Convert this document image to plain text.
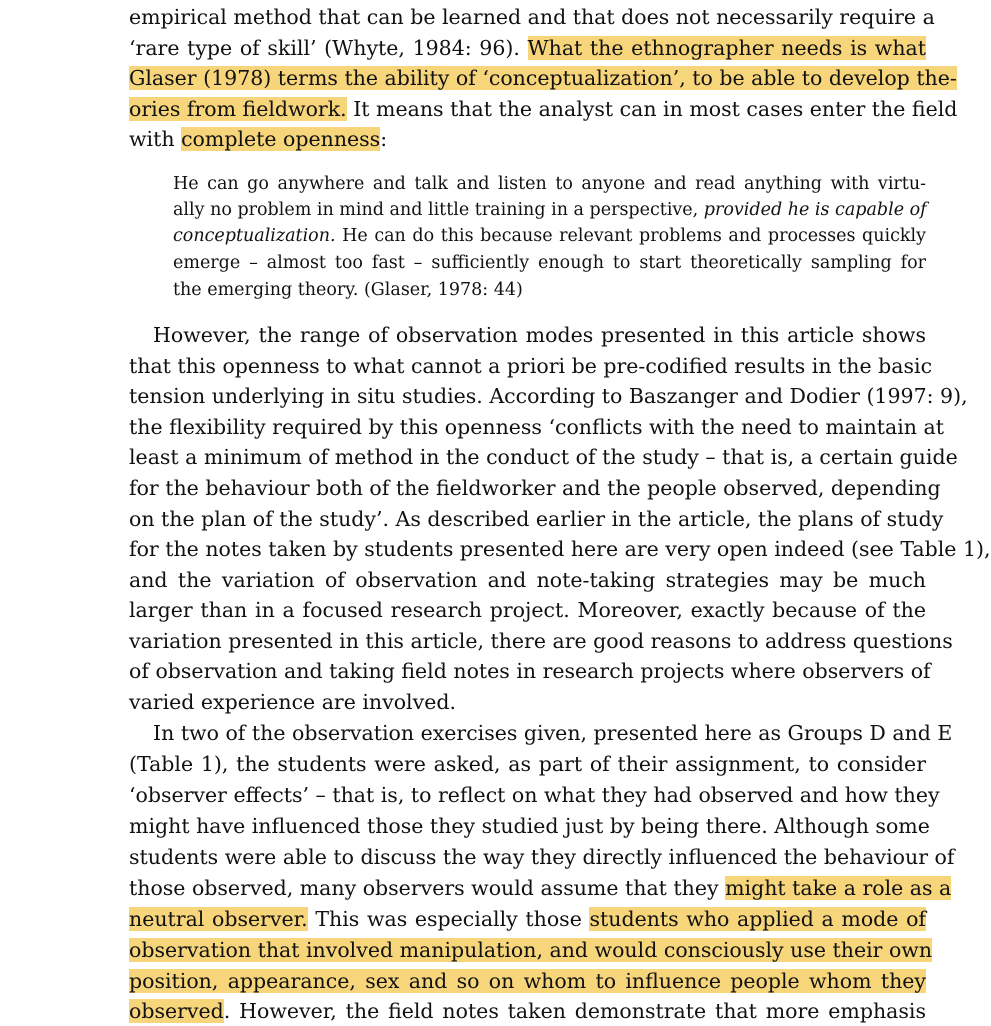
empirical method that can be learned and that does not necessarily require a
‘rare type of skill’ (Whyte, 1984: 96). What the ethnographer needs is what
Glaser (1978) terms the ability of ‘conceptualization’, to be able to develop the-
ories from fieldwork. It means that the analyst can in most cases enter the field
with complete openness:
He can go anywhere and talk and listen to anyone and read anything with virtu-
ally no problem in mind and little training in a perspective, provided he is capable of
conceptualization. He can do this because relevant problems and processes quickly
emerge – almost too fast – sufficiently enough to start theoretically sampling for
the emerging theory. (Glaser, 1978: 44)
However, the range of observation modes presented in this article shows
that this openness to what cannot a priori be pre-codified results in the basic
tension underlying in situ studies. According to Baszanger and Dodier (1997: 9),
the flexibility required by this openness ‘conflicts with the need to maintain at
least a minimum of method in the conduct of the study – that is, a certain guide
for the behaviour both of the fieldworker and the people observed, depending
on the plan of the study’. As described earlier in the article, the plans of study
for the notes taken by students presented here are very open indeed (see Table 1),
and the variation of observation and note-taking strategies may be much
larger than in a focused research project. Moreover, exactly because of the
variation presented in this article, there are good reasons to address questions
of observation and taking field notes in research projects where observers of
varied experience are involved.
In two of the observation exercises given, presented here as Groups D and E
(Table 1), the students were asked, as part of their assignment, to consider
‘observer effects’ – that is, to reflect on what they had observed and how they
might have influenced those they studied just by being there. Although some
students were able to discuss the way they directly influenced the behaviour of
those observed, many observers would assume that they might take a role as a
neutral observer. This was especially those students who applied a mode of
observation that involved manipulation, and would consciously use their own
position, appearance, sex and so on whom to influence people whom they
observed. However, the field notes taken demonstrate that more emphasis
